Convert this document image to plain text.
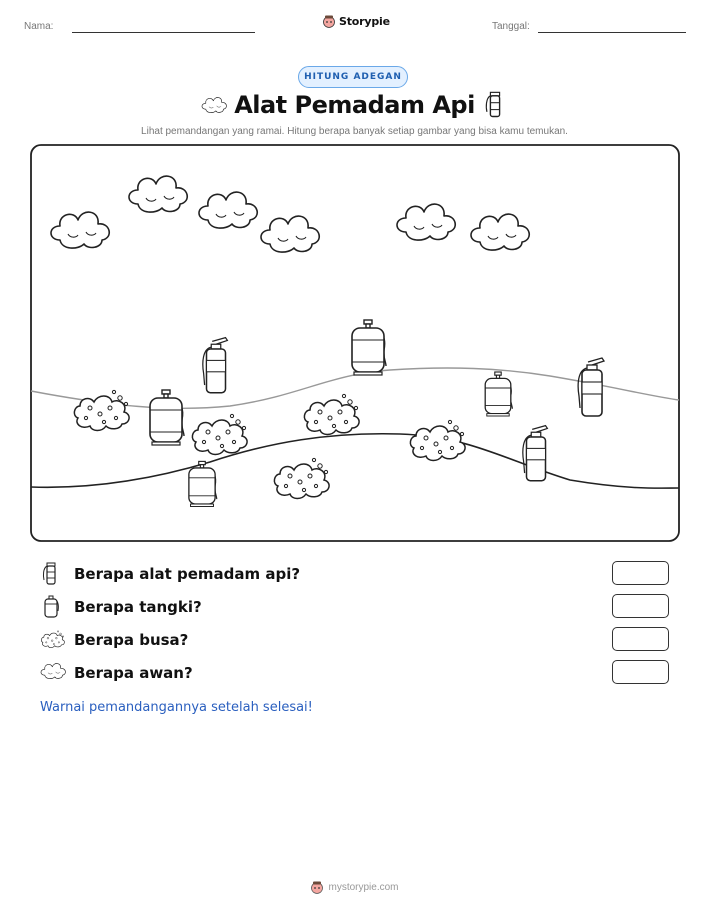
Nama:	Storypie	Tanggal:
HITUNG ADEGAN
Alat Pemadam Api
Lihat pemandangan yang ramai. Hitung berapa banyak setiap gambar yang bisa kamu temukan.
Berapa alat pemadam api?
Berapa tangki?
Berapa busa?
Berapa awan?
Warnai pemandangannya setelah selesai!
mystorypie.com
